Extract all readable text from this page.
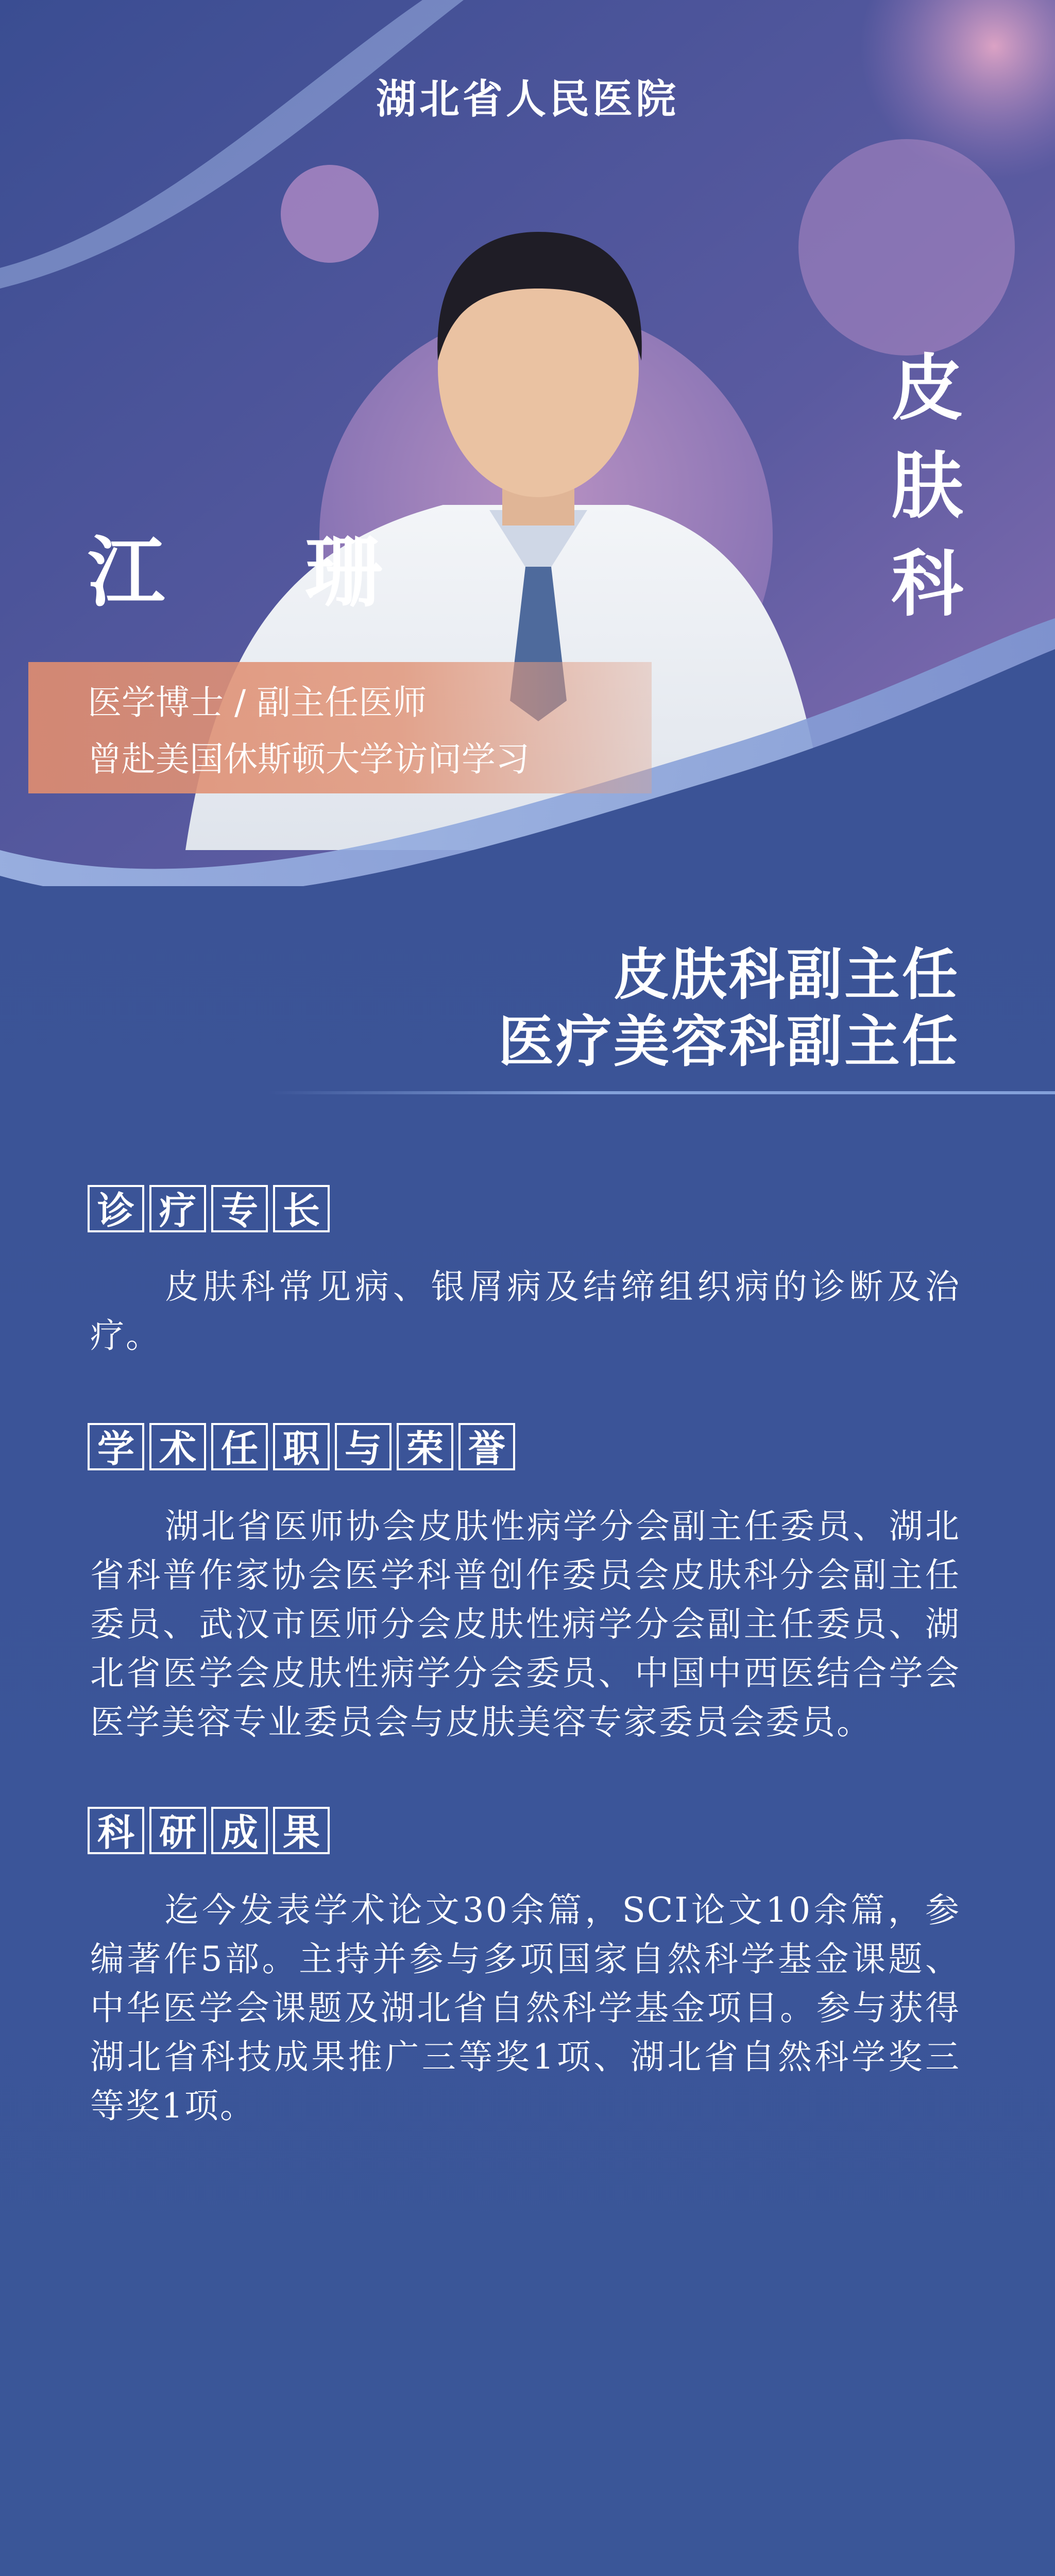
湖北省人民医院
江 珊
皮
肤
科
医学博士 / 副主任医师
曾赴美国休斯顿大学访问学习
皮肤科副主任
医疗美容科副主任
诊 疗 专 长
皮肤科常见病、银屑病及结缔组织病的诊断及治疗。
学 术 任 职 与 荣 誉
湖北省医师协会皮肤性病学分会副主任委员、湖北省科普作家协会医学科普创作委员会皮肤科分会副主任委员、武汉市医师分会皮肤性病学分会副主任委员、湖北省医学会皮肤性病学分会委员、中国中西医结合学会医学美容专业委员会与皮肤美容专家委员会委员。
科 研 成 果
迄今发表学术论文30余篇，SCI论文10余篇，参编著作5部。主持并参与多项国家自然科学基金课题、中华医学会课题及湖北省自然科学基金项目。参与获得湖北省科技成果推广三等奖1项、湖北省自然科学奖三等奖1项。
